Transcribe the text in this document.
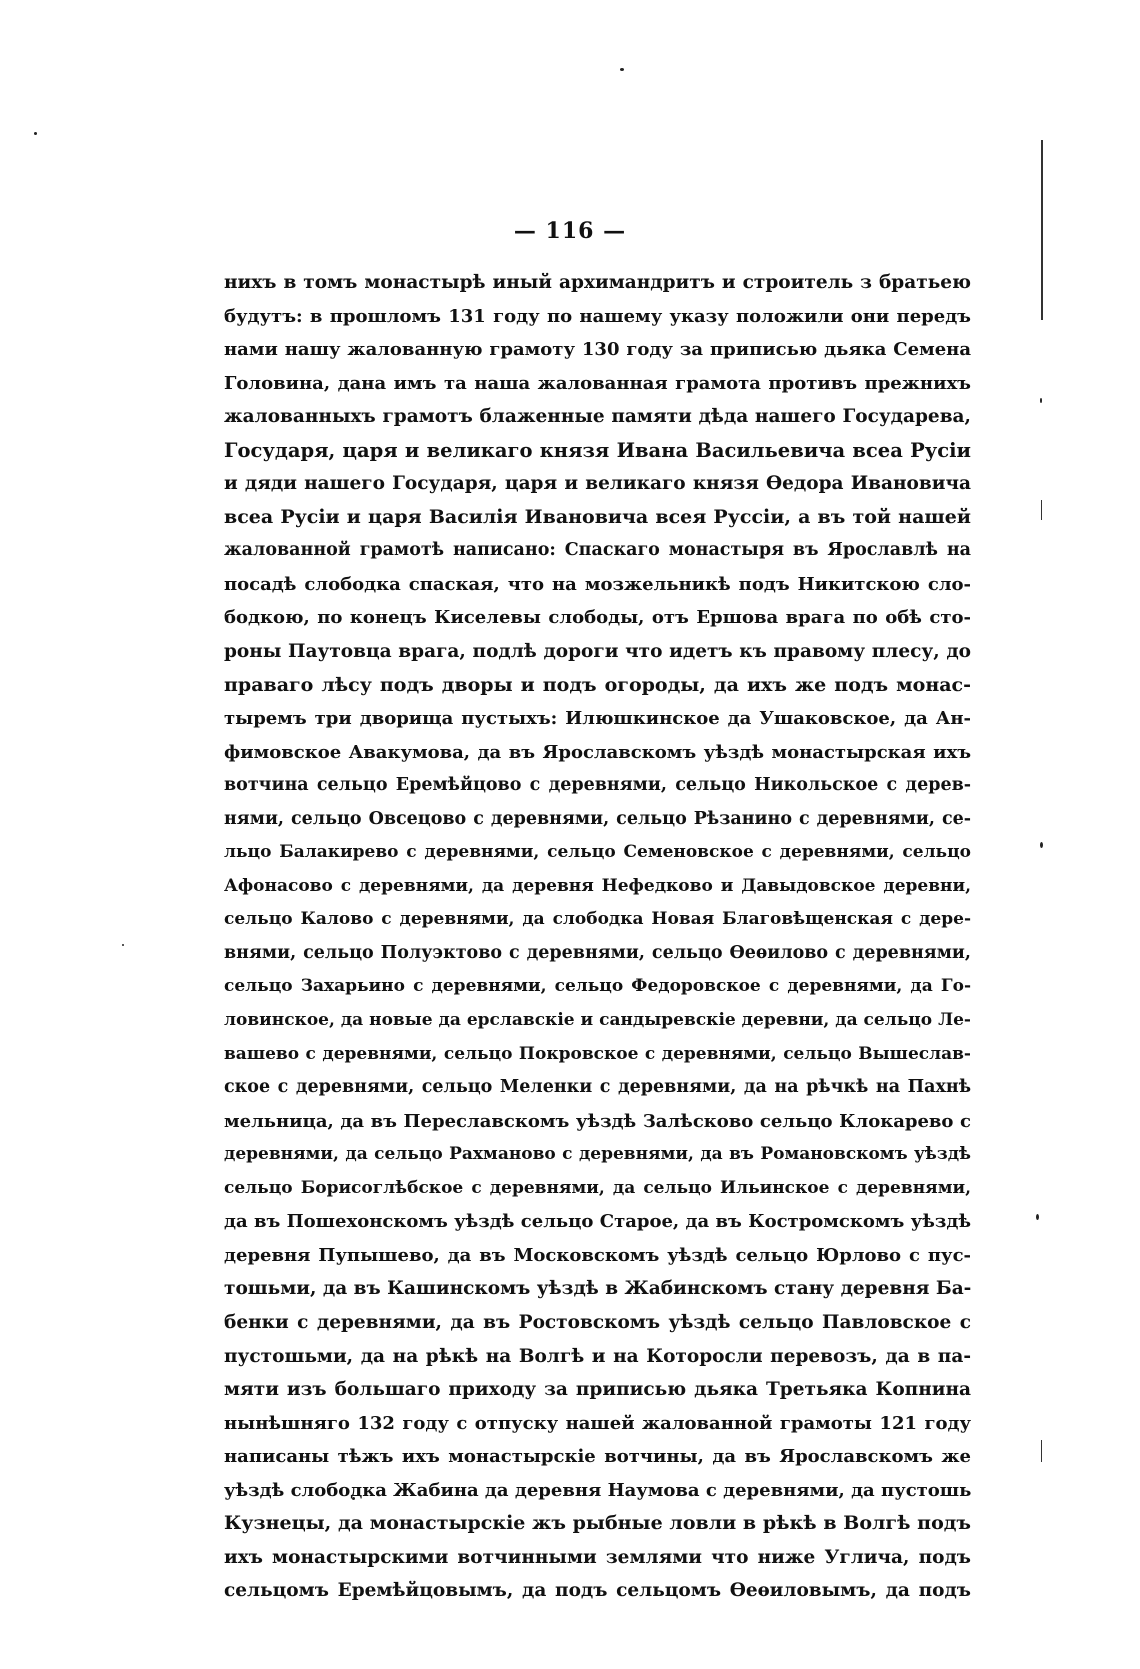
— 116 —
нихъ в томъ монастырѣ иный архимандритъ и строитель з братьею
будутъ: в прошломъ 131 году по нашему указу положили они передъ
нами нашу жалованную грамоту 130 году за приписью дьяка Семена
Головина, дана имъ та наша жалованная грамота противъ прежнихъ
жалованныхъ грамотъ блаженные памяти дѣда нашего Государева,
Государя, царя и великаго князя Ивана Васильевича всеа Русіи
и дяди нашего Государя, царя и великаго князя Ѳедора Ивановича
всеа Русіи и царя Василія Ивановича всея Руссіи, а въ той нашей
жалованной грамотѣ написано: Спаскаго монастыря въ Ярославлѣ на
посадѣ слободка спаская, что на мозжельникѣ подъ Никитскою сло-
бодкою, по конецъ Киселевы слободы, отъ Ершова врага по обѣ сто-
роны Паутовца врага, подлѣ дороги что идетъ къ правому плесу, до
праваго лѣсу подъ дворы и подъ огороды, да ихъ же подъ монас-
тыремъ три дворища пустыхъ: Илюшкинское да Ушаковское, да Ан-
фимовское Авакумова, да въ Ярославскомъ уѣздѣ монастырская ихъ
вотчина сельцо Еремѣйцово с деревнями, сельцо Никольское с дерев-
нями, сельцо Овсецово с деревнями, сельцо Рѣзанино с деревнями, се-
льцо Балакирево с деревнями, сельцо Семеновское с деревнями, сельцо
Афонасово с деревнями, да деревня Нефедково и Давыдовское деревни,
сельцо Калово с деревнями, да слободка Новая Благовѣщенская с дере-
внями, сельцо Полуэктово с деревнями, сельцо Ѳеѳилово с деревнями,
сельцо Захарьино с деревнями, сельцо Федоровское с деревнями, да Го-
ловинское, да новые да ерславскіе и сандыревскіе деревни, да сельцо Ле-
вашево с деревнями, сельцо Покровское с деревнями, сельцо Вышеслав-
ское с деревнями, сельцо Меленки с деревнями, да на рѣчкѣ на Пахнѣ
мельница, да въ Переславскомъ уѣздѣ Залѣсково сельцо Клокарево с
деревнями, да сельцо Рахманово с деревнями, да въ Романовскомъ уѣздѣ
сельцо Борисоглѣбское с деревнями, да сельцо Ильинское с деревнями,
да въ Пошехонскомъ уѣздѣ сельцо Старое, да въ Костромскомъ уѣздѣ
деревня Пупышево, да въ Московскомъ уѣздѣ сельцо Юрлово с пус-
тошьми, да въ Кашинскомъ уѣздѣ в Жабинскомъ стану деревня Ба-
бенки с деревнями, да въ Ростовскомъ уѣздѣ сельцо Павловское с
пустошьми, да на рѣкѣ на Волгѣ и на Которосли перевозъ, да в па-
мяти изъ большаго приходу за приписью дьяка Третьяка Копнина
нынѣшняго 132 году с отпуску нашей жалованной грамоты 121 году
написаны тѣжъ ихъ монастырскіе вотчины, да въ Ярославскомъ же
уѣздѣ слободка Жабина да деревня Наумова с деревнями, да пустошь
Кузнецы, да монастырскіе жъ рыбные ловли в рѣкѣ в Волгѣ подъ
ихъ монастырскими вотчинными землями что ниже Углича, подъ
сельцомъ Еремѣйцовымъ, да подъ сельцомъ Ѳеѳиловымъ, да подъ
